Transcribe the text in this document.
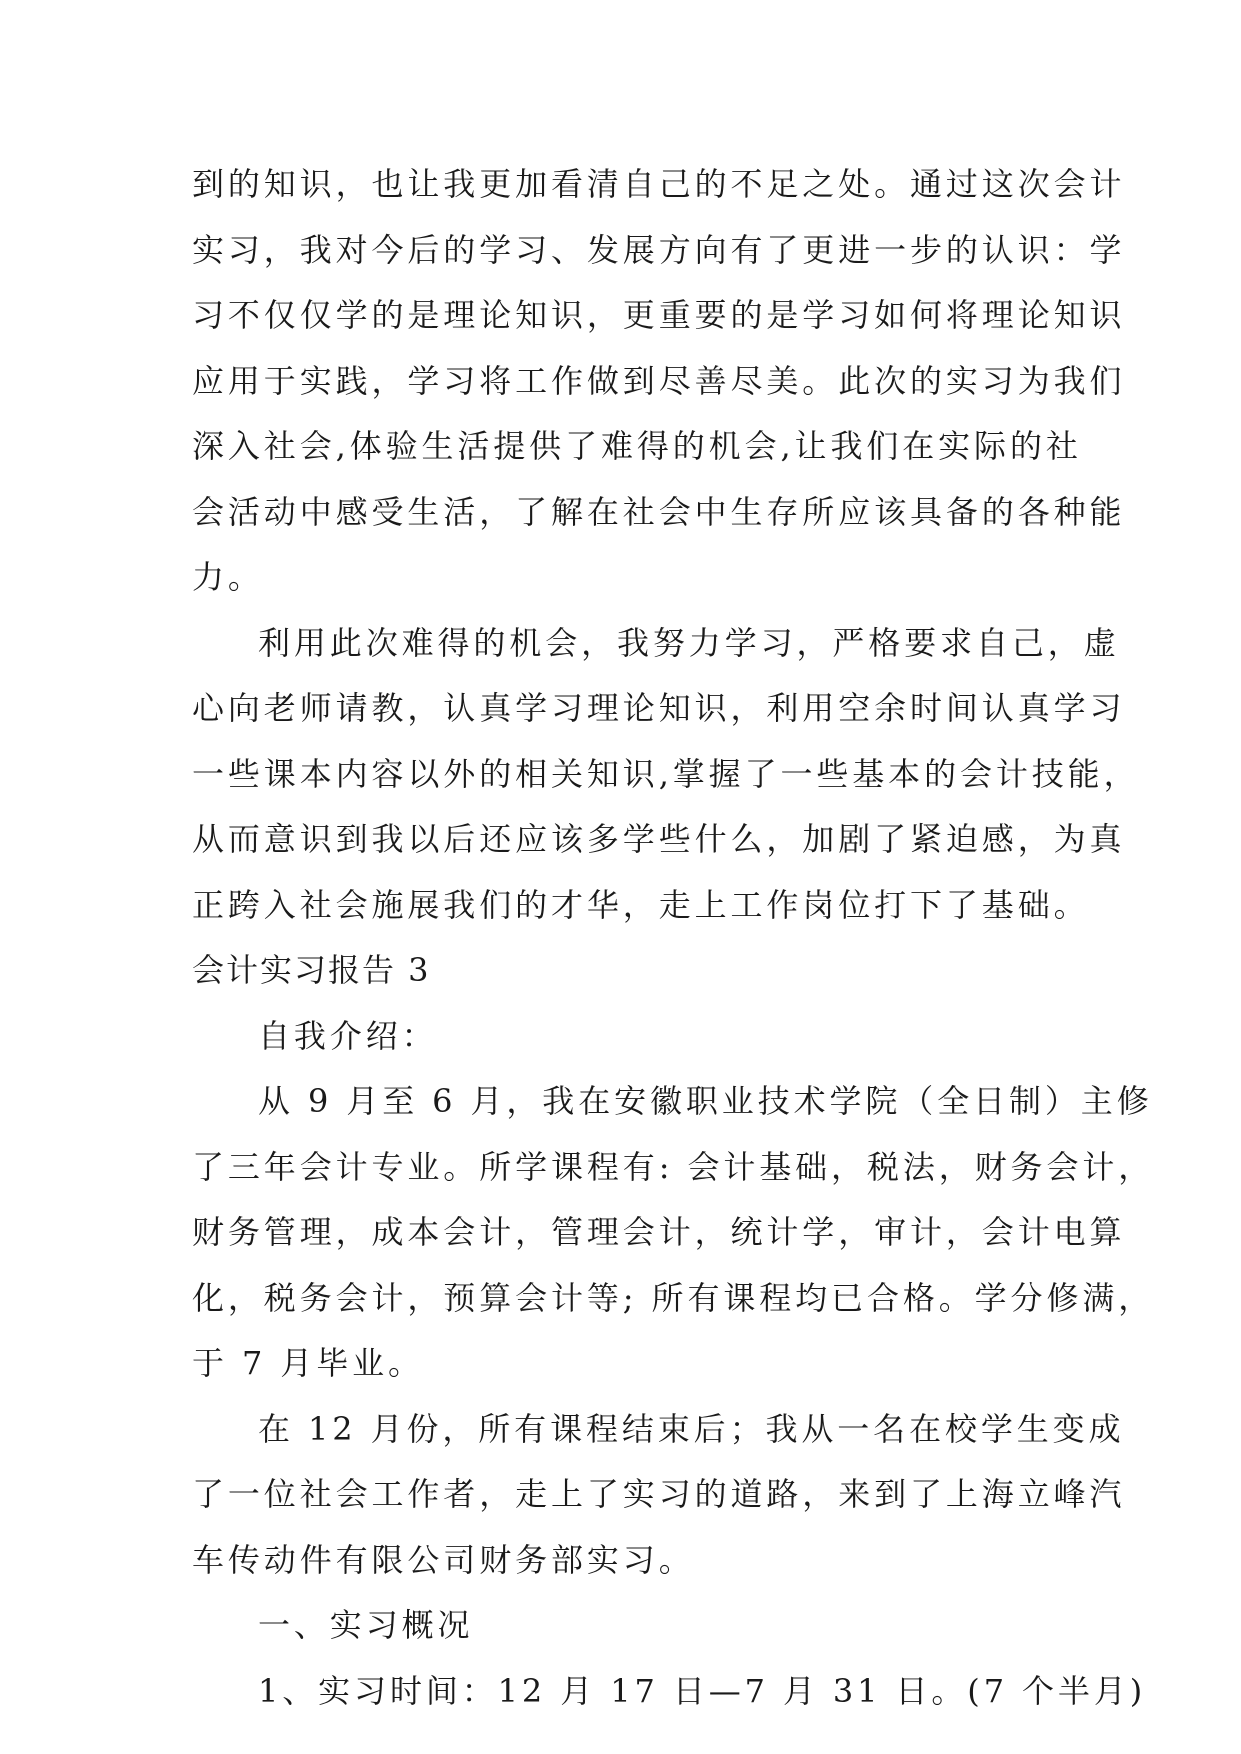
到的知识，也让我更加看清自己的不足之处。通过这次会计
实习，我对今后的学习、发展方向有了更进一步的认识：学
习不仅仅学的是理论知识，更重要的是学习如何将理论知识
应用于实践，学习将工作做到尽善尽美。此次的实习为我们
深入社会,体验生活提供了难得的机会,让我们在实际的社
会活动中感受生活，了解在社会中生存所应该具备的各种能
力。
利用此次难得的机会，我努力学习，严格要求自己，虚
心向老师请教，认真学习理论知识，利用空余时间认真学习
一些课本内容以外的相关知识,掌握了一些基本的会计技能，
从而意识到我以后还应该多学些什么，加剧了紧迫感，为真
正跨入社会施展我们的才华，走上工作岗位打下了基础。
会计实习报告 3
自我介绍：
从 9 月至 6 月，我在安徽职业技术学院（全日制）主修
了三年会计专业。所学课程有: 会计基础，税法，财务会计，
财务管理，成本会计，管理会计，统计学，审计，会计电算
化，税务会计，预算会计等; 所有课程均已合格。学分修满，
于 7 月毕业。
在 12 月份，所有课程结束后；我从一名在校学生变成
了一位社会工作者，走上了实习的道路，来到了上海立峰汽
车传动件有限公司财务部实习。
一、实习概况
1、实习时间：12 月 17 日—7 月 31 日。(7 个半月)
